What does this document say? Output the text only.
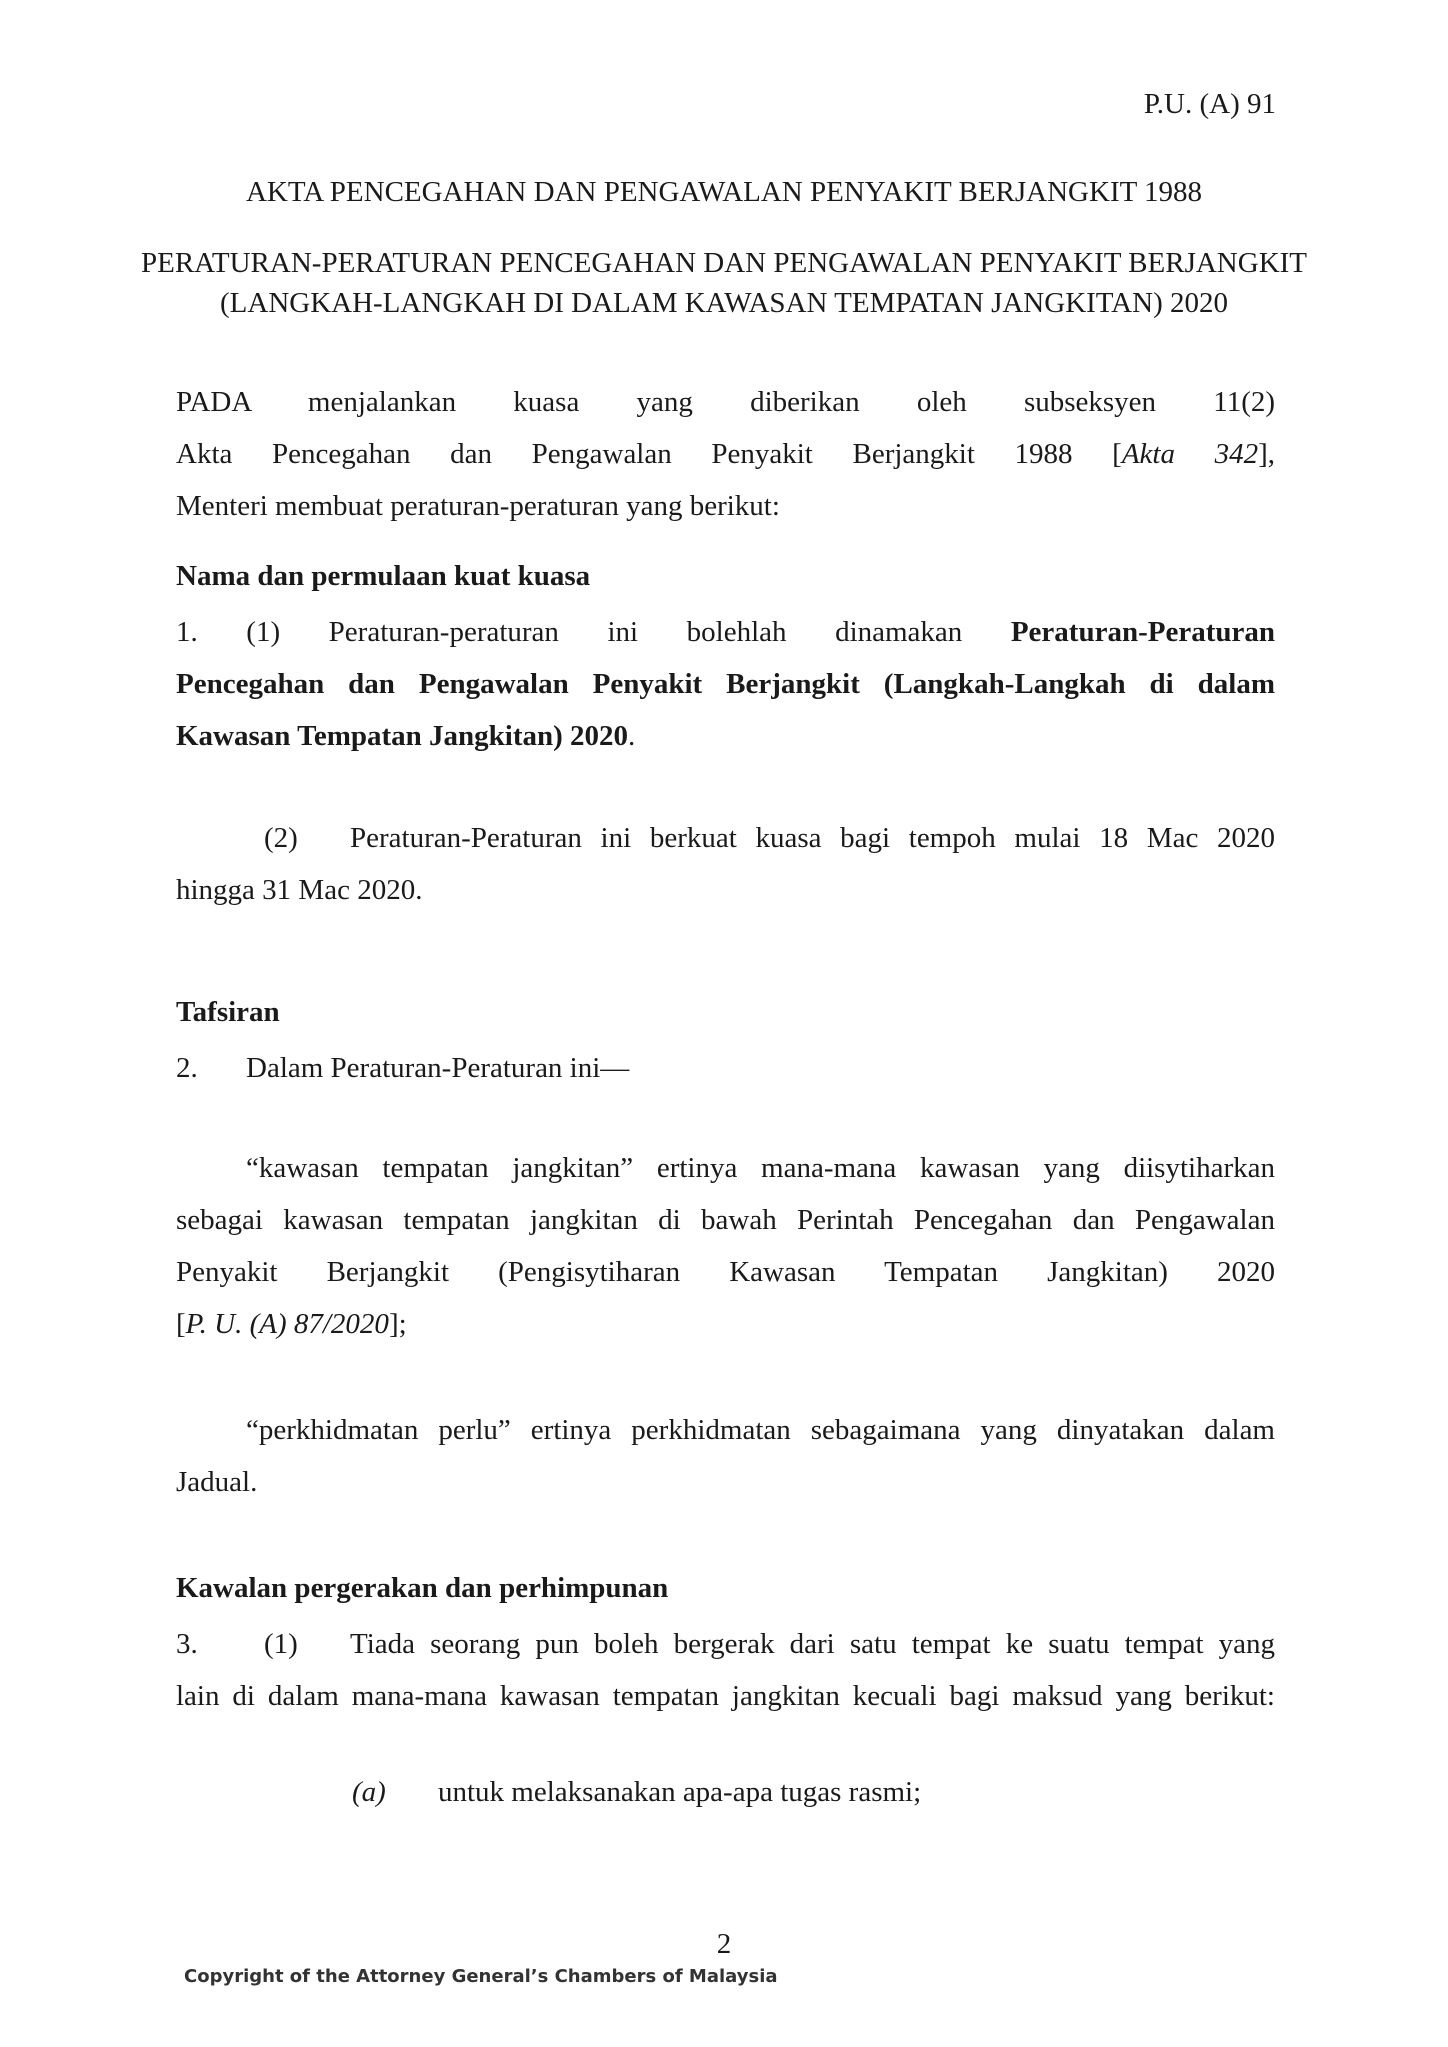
P.U. (A) 91
AKTA PENCEGAHAN DAN PENGAWALAN PENYAKIT BERJANGKIT 1988
PERATURAN-PERATURAN PENCEGAHAN DAN PENGAWALAN PENYAKIT BERJANGKIT
(LANGKAH-LANGKAH DI DALAM KAWASAN TEMPATAN JANGKITAN) 2020
PADA menjalankan kuasa yang diberikan oleh subseksyen 11(2)
Akta Pencegahan dan Pengawalan Penyakit Berjangkit 1988 [Akta 342],
Menteri membuat peraturan-peraturan yang berikut:
Nama dan permulaan kuat kuasa
1. (1) Peraturan-peraturan ini bolehlah dinamakan Peraturan-Peraturan
Pencegahan dan Pengawalan Penyakit Berjangkit (Langkah-Langkah di dalam
Kawasan Tempatan Jangkitan) 2020.
(2) Peraturan-Peraturan ini berkuat kuasa bagi tempoh mulai 18 Mac 2020
hingga 31 Mac 2020.
Tafsiran
2. Dalam Peraturan-Peraturan ini—
“kawasan tempatan jangkitan” ertinya mana-mana kawasan yang diisytiharkan
sebagai kawasan tempatan jangkitan di bawah Perintah Pencegahan dan Pengawalan
Penyakit Berjangkit (Pengisytiharan Kawasan Tempatan Jangkitan) 2020
[P. U. (A) 87/2020];
“perkhidmatan perlu” ertinya perkhidmatan sebagaimana yang dinyatakan dalam
Jadual.
Kawalan pergerakan dan perhimpunan
3. (1) Tiada seorang pun boleh bergerak dari satu tempat ke suatu tempat yang
lain di dalam mana-mana kawasan tempatan jangkitan kecuali bagi maksud yang berikut:
(a) untuk melaksanakan apa-apa tugas rasmi;
2
Copyright of the Attorney General’s Chambers of Malaysia
